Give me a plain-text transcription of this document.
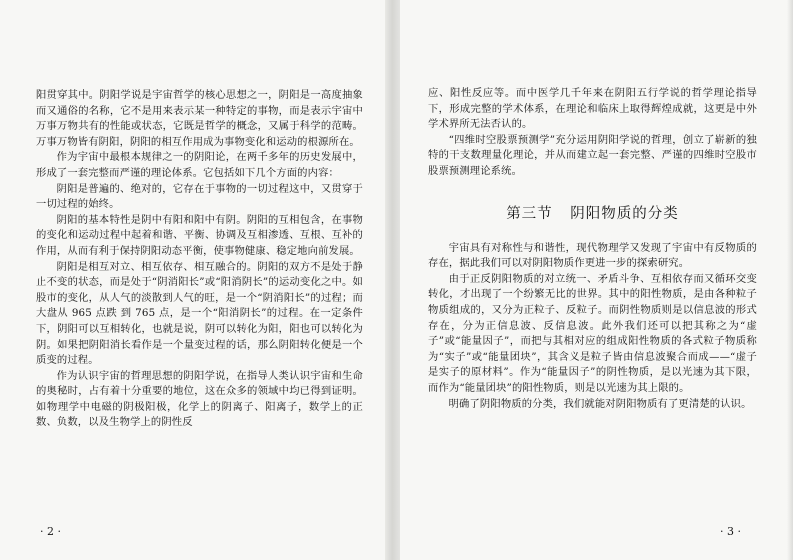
阳贯穿其中。阴阳学说是宇宙哲学的核心思想之一，阴阳是一高度抽象而又通俗的名称，它不是用来表示某一种特定的事物，而是表示宇宙中万事万物共有的性能或状态，它既是哲学的概念，又属于科学的范畴。万事万物皆有阴阳，阴阳的相互作用成为事物变化和运动的根源所在。

作为宇宙中最根本规律之一的阴阳论，在两千多年的历史发展中，形成了一套完整而严谨的理论体系。它包括如下几个方面的内容：

阴阳是普遍的、绝对的，它存在于事物的一切过程这中，又贯穿于一切过程的始终。

阴阳的基本特性是阴中有阳和阳中有阴。阴阳的互相包含，在事物的变化和运动过程中起着和谐、平衡、协调及互相渗透、互根、互补的作用，从而有利于保持阴阳动态平衡，使事物健康、稳定地向前发展。

阴阳是相互对立、相互依存、相互融合的。阴阳的双方不是处于静止不变的状态，而是处于“阴消阳长”或“阳消阴长”的运动变化之中。如股市的变化，从人气的淡散到人气的旺，是一个“阴消阳长”的过程；而大盘从 965 点跌 到 765 点，是一个“阳消阴长”的过程。在一定条件下，阴阳可以互相转化，也就是说，阴可以转化为阳，阳也可以转化为阴。如果把阴阳消长看作是一个量变过程的话，那么阴阳转化便是一个质变的过程。

作为认识宇宙的哲理思想的阴阳学说，在指导人类认识宇宙和生命的奥秘时，占有着十分重要的地位，这在众多的领域中均已得到证明。如物理学中电磁的阴极阳极，化学上的阴离子、阳离子，数学上的正数、负数，以及生物学上的阴性反

· 2 ·

应、阳性反应等。而中医学几千年来在阴阳五行学说的哲学理论指导下，形成完整的学术体系，在理论和临床上取得辉煌成就，这更是中外学术界所无法否认的。

“四维时空股票预测学”充分运用阴阳学说的哲理，创立了崭新的独特的干支数理量化理论，并从而建立起一套完整、严谨的四维时空股市股票预测理论系统。

第三节 阴阳物质的分类

宇宙具有对称性与和谐性，现代物理学又发现了宇宙中有反物质的存在，据此我们可以对阴阳物质作更进一步的探索研究。

由于正反阴阳物质的对立统一、矛盾斗争、互相依存而又循环交变转化，才出现了一个纷繁无比的世界。其中的阳性物质，是由各种粒子物质组成的，又分为正粒子、反粒子。而阴性物质则是以信息波的形式存在，分为正信息波、反信息波。此外我们还可以把其称之为“虚子”或“能量因子”，而把与其相对应的组成阳性物质的各式粒子物质称为“实子”或“能量团块”，其含义是粒子皆由信息波聚合而成——“虚子是实子的原材料”。作为“能量因子”的阴性物质，是以光速为其下限，而作为“能量团块”的阳性物质，则是以光速为其上限的。

明确了阴阳物质的分类，我们就能对阴阳物质有了更清楚的认识。

· 3 ·
